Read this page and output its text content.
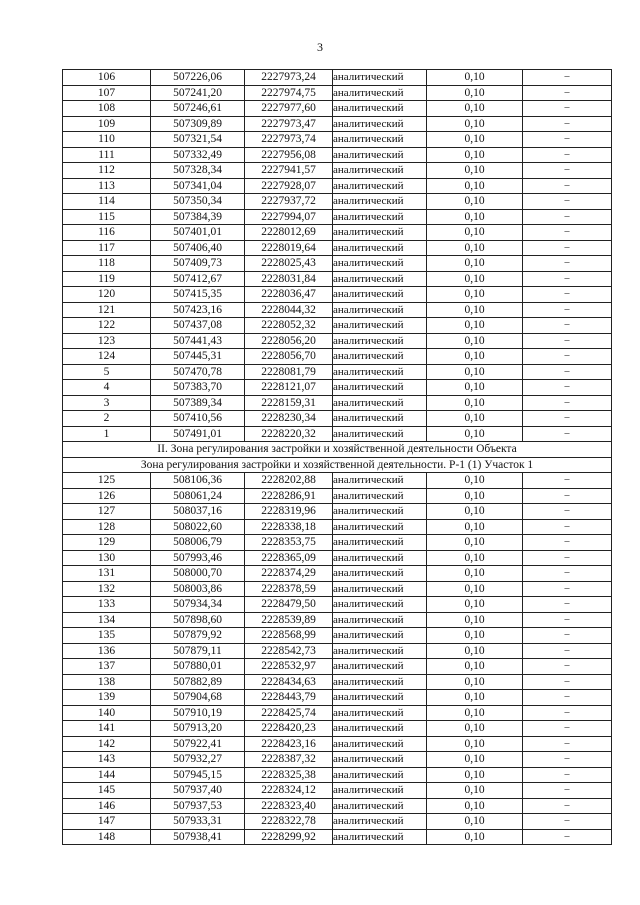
3
106	507226,06	2227973,24	аналитический	0,10	–
107	507241,20	2227974,75	аналитический	0,10	–
108	507246,61	2227977,60	аналитический	0,10	–
109	507309,89	2227973,47	аналитический	0,10	–
110	507321,54	2227973,74	аналитический	0,10	–
111	507332,49	2227956,08	аналитический	0,10	–
112	507328,34	2227941,57	аналитический	0,10	–
113	507341,04	2227928,07	аналитический	0,10	–
114	507350,34	2227937,72	аналитический	0,10	–
115	507384,39	2227994,07	аналитический	0,10	–
116	507401,01	2228012,69	аналитический	0,10	–
117	507406,40	2228019,64	аналитический	0,10	–
118	507409,73	2228025,43	аналитический	0,10	–
119	507412,67	2228031,84	аналитический	0,10	–
120	507415,35	2228036,47	аналитический	0,10	–
121	507423,16	2228044,32	аналитический	0,10	–
122	507437,08	2228052,32	аналитический	0,10	–
123	507441,43	2228056,20	аналитический	0,10	–
124	507445,31	2228056,70	аналитический	0,10	–
5	507470,78	2228081,79	аналитический	0,10	–
4	507383,70	2228121,07	аналитический	0,10	–
3	507389,34	2228159,31	аналитический	0,10	–
2	507410,56	2228230,34	аналитический	0,10	–
1	507491,01	2228220,32	аналитический	0,10	–
II. Зона регулирования застройки и хозяйственной деятельности Объекта					
Зона регулирования застройки и хозяйственной деятельности. Р-1 (1) Участок 1					
125	508106,36	2228202,88	аналитический	0,10	–
126	508061,24	2228286,91	аналитический	0,10	–
127	508037,16	2228319,96	аналитический	0,10	–
128	508022,60	2228338,18	аналитический	0,10	–
129	508006,79	2228353,75	аналитический	0,10	–
130	507993,46	2228365,09	аналитический	0,10	–
131	508000,70	2228374,29	аналитический	0,10	–
132	508003,86	2228378,59	аналитический	0,10	–
133	507934,34	2228479,50	аналитический	0,10	–
134	507898,60	2228539,89	аналитический	0,10	–
135	507879,92	2228568,99	аналитический	0,10	–
136	507879,11	2228542,73	аналитический	0,10	–
137	507880,01	2228532,97	аналитический	0,10	–
138	507882,89	2228434,63	аналитический	0,10	–
139	507904,68	2228443,79	аналитический	0,10	–
140	507910,19	2228425,74	аналитический	0,10	–
141	507913,20	2228420,23	аналитический	0,10	–
142	507922,41	2228423,16	аналитический	0,10	–
143	507932,27	2228387,32	аналитический	0,10	–
144	507945,15	2228325,38	аналитический	0,10	–
145	507937,40	2228324,12	аналитический	0,10	–
146	507937,53	2228323,40	аналитический	0,10	–
147	507933,31	2228322,78	аналитический	0,10	–
148	507938,41	2228299,92	аналитический	0,10	–
